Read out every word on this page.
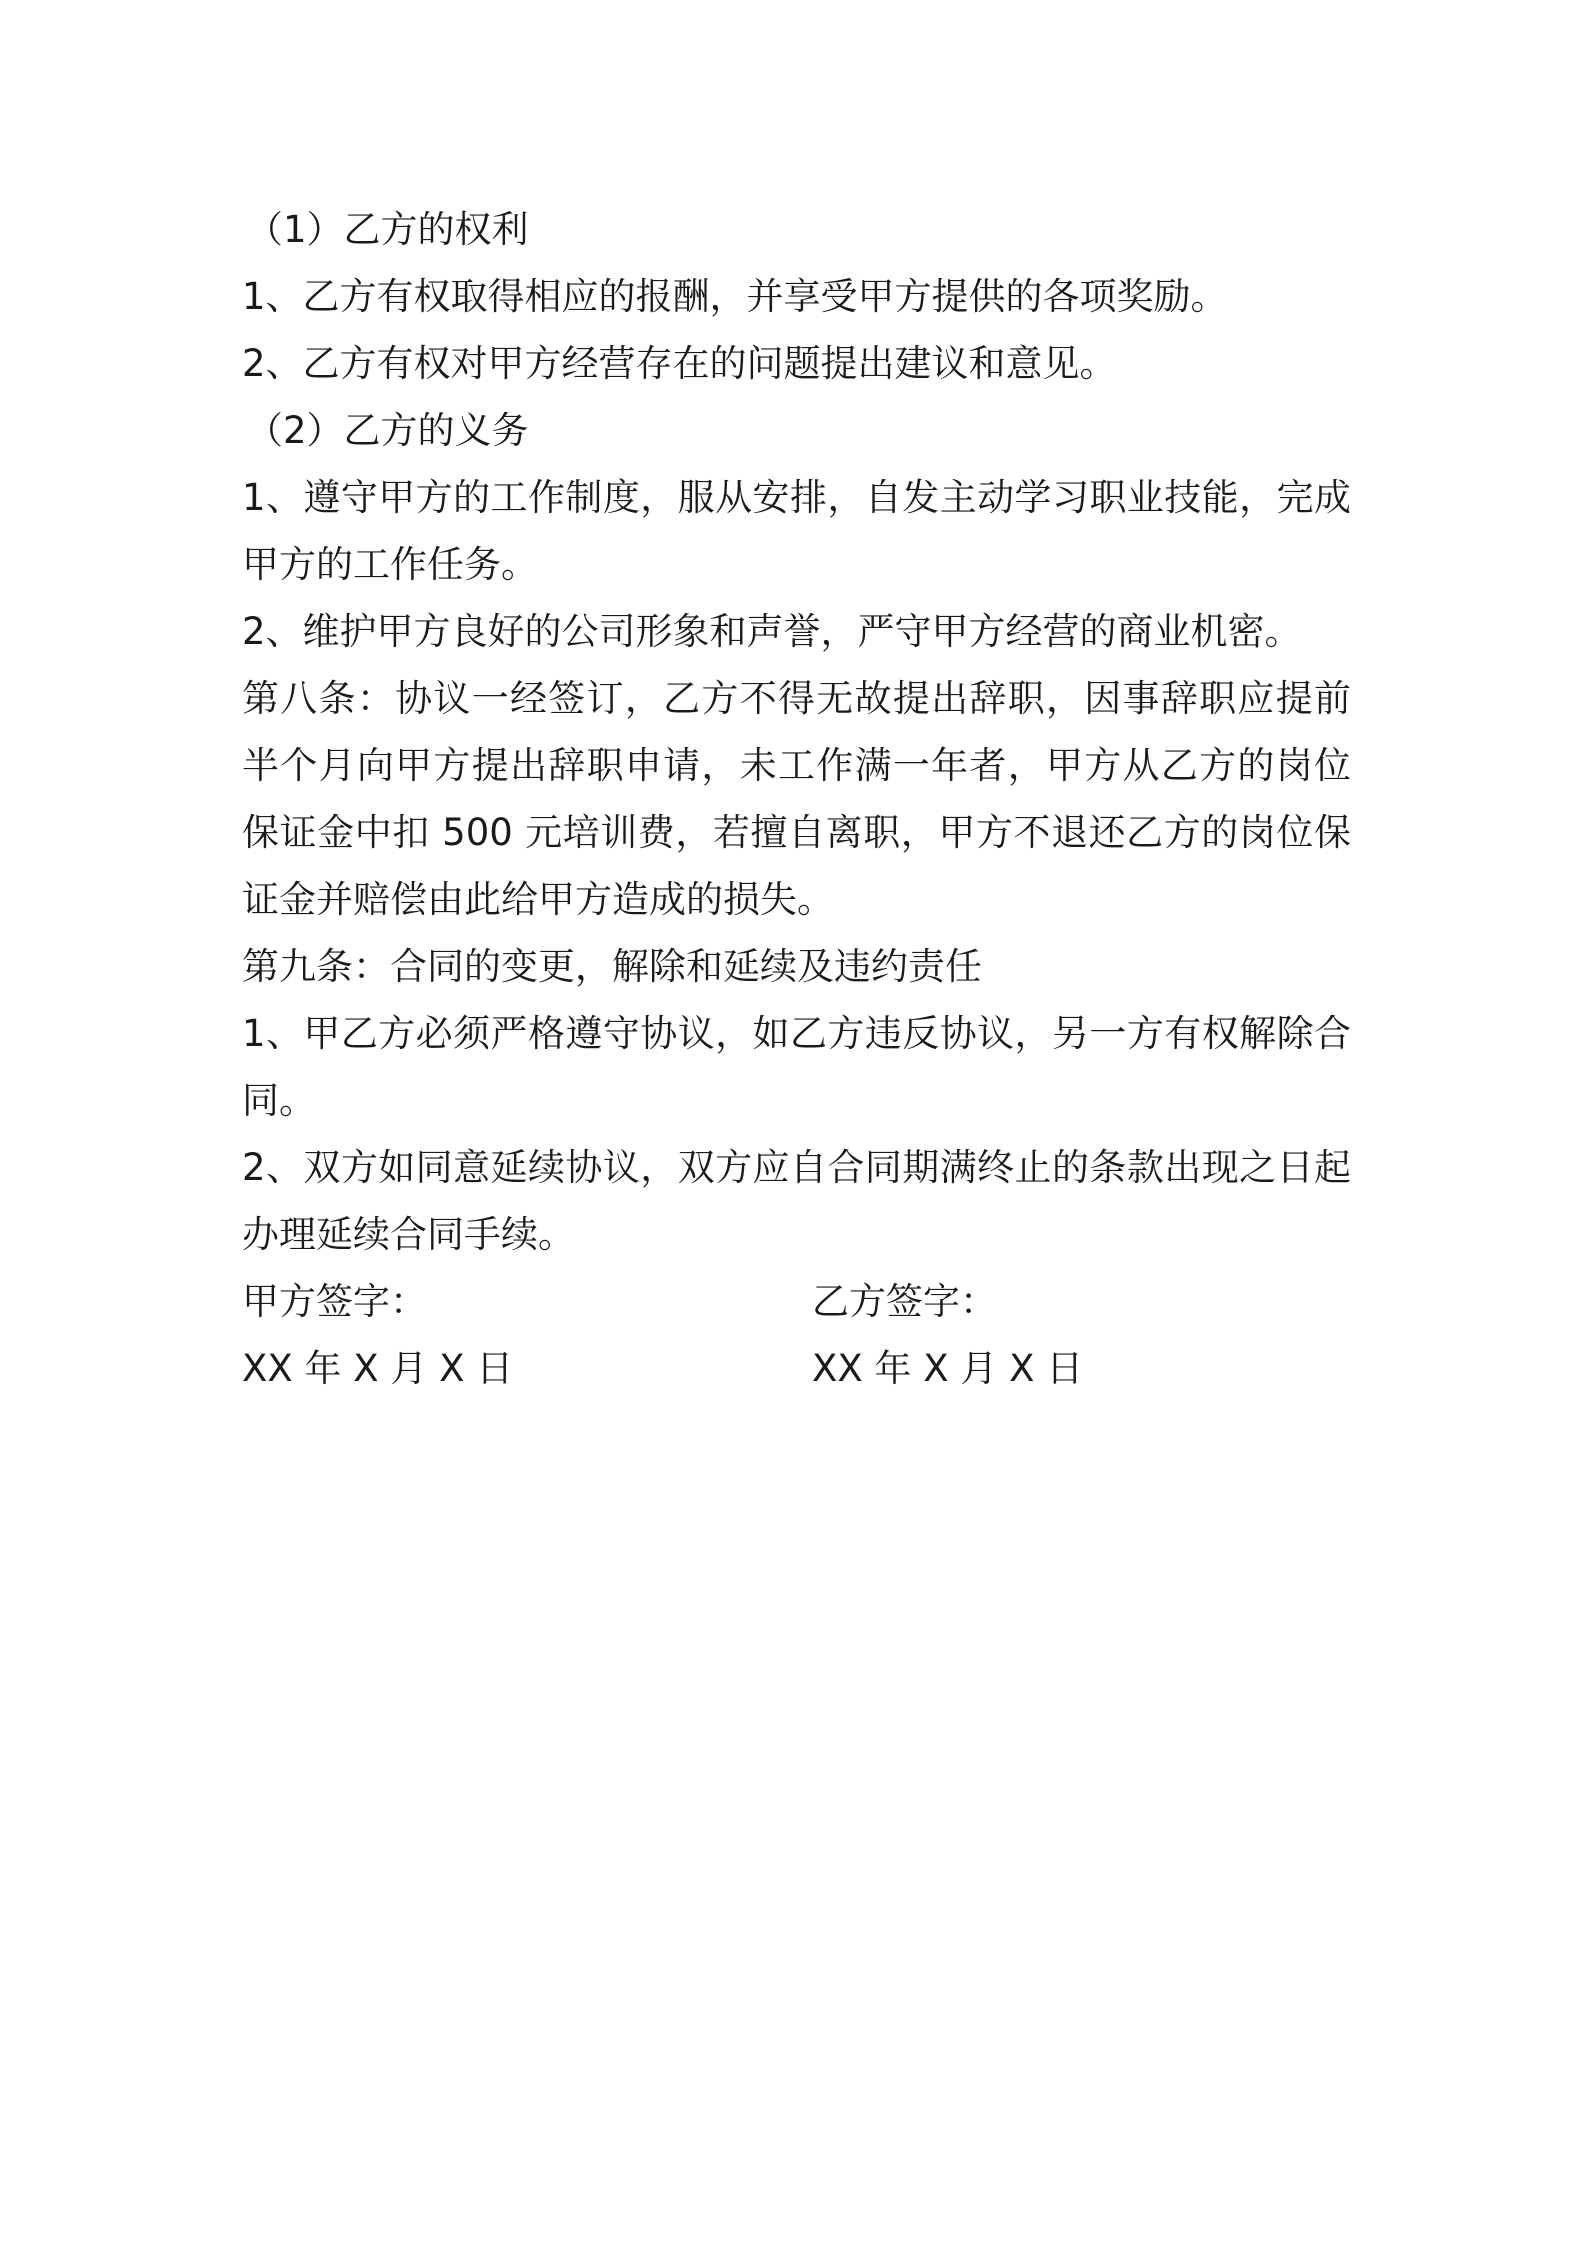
（1）乙方的权利

1、乙方有权取得相应的报酬，并享受甲方提供的各项奖励。

2、乙方有权对甲方经营存在的问题提出建议和意见。

（2）乙方的义务

1、遵守甲方的工作制度，服从安排，自发主动学习职业技能，完成甲方的工作任务。

2、维护甲方良好的公司形象和声誉，严守甲方经营的商业机密。

第八条：协议一经签订，乙方不得无故提出辞职，因事辞职应提前半个月向甲方提出辞职申请，未工作满一年者，甲方从乙方的岗位保证金中扣 500 元培训费，若擅自离职，甲方不退还乙方的岗位保证金并赔偿由此给甲方造成的损失。

第九条：合同的变更，解除和延续及违约责任

1、甲乙方必须严格遵守协议，如乙方违反协议，另一方有权解除合同。

2、双方如同意延续协议，双方应自合同期满终止的条款出现之日起办理延续合同手续。

甲方签字：	乙方签字：
XX 年 X 月 X 日	XX 年 X 月 X 日
